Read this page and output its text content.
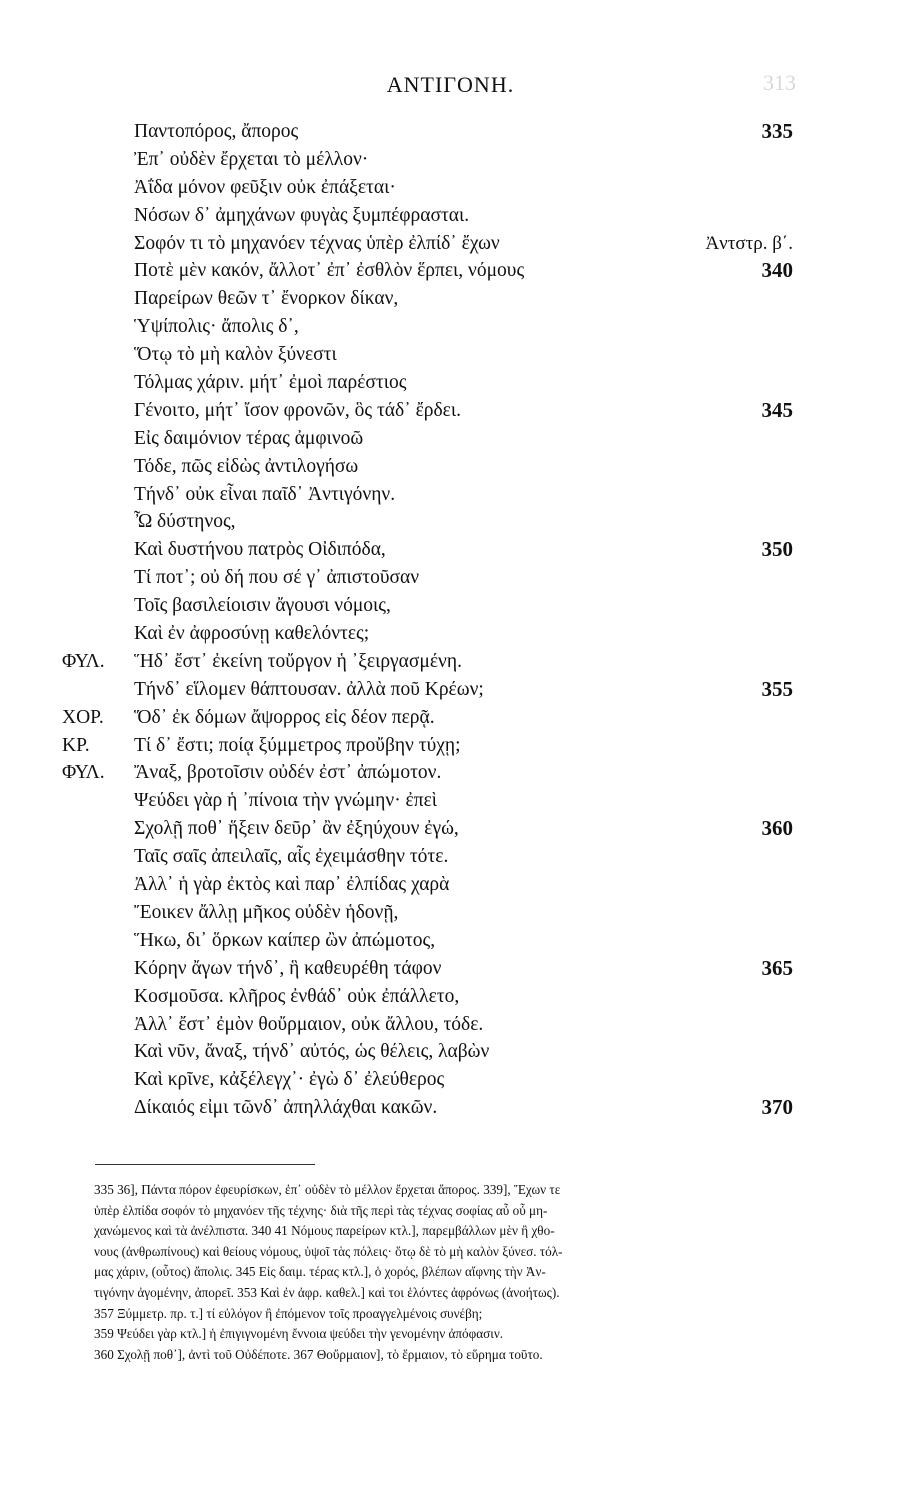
ΑΝΤΙΓΟΝΗ.	313
Παντοπόρος, ἄπορος	335
Ἐπ᾽ οὐδὲν ἔρχεται τὸ μέλλον·
Ἀΐδα μόνον φεῦξιν οὐκ ἐπάξεται·
Νόσων δ᾽ ἀμηχάνων φυγὰς ξυμπέφρασται.
Σοφόν τι τὸ μηχανόεν τέχνας ὑπὲρ ἐλπίδ᾽ ἔχων	Ἀντστρ. β΄.
Ποτὲ μὲν κακόν, ἄλλοτ᾽ ἐπ᾽ ἐσθλὸν ἕρπει, νόμους	340
Παρείρων θεῶν τ᾽ ἔνορκον δίκαν,
Ὑψίπολις· ἄπολις δ᾽,
Ὅτῳ τὸ μὴ καλὸν ξύνεστι
Τόλμας χάριν. μήτ᾽ ἐμοὶ παρέστιος
Γένοιτο, μήτ᾽ ἴσον φρονῶν, ὃς τάδ᾽ ἔρδει.	345
Εἰς δαιμόνιον τέρας ἀμφινοῶ
Τόδε, πῶς εἰδὼς ἀντιλογήσω
Τήνδ᾽ οὐκ εἶναι παῖδ᾽ Ἀντιγόνην.
Ὦ δύστηνος,
Καὶ δυστήνου πατρὸς Οἰδιπόδα,	350
Τί ποτ᾽; οὐ δή που σέ γ᾽ ἀπιστοῦσαν
Τοῖς βασιλείοισιν ἄγουσι νόμοις,
Καὶ ἐν ἀφροσύνῃ καθελόντες;
ΦΥΛ. Ἥδ᾽ ἔστ᾽ ἐκείνη τοὔργον ἡ ᾽ξειργασμένη.
Τήνδ᾽ εἵλομεν θάπτουσαν. ἀλλὰ ποῦ Κρέων;	355
ΧΟΡ. Ὅδ᾽ ἐκ δόμων ἄψορρος εἰς δέον περᾷ.
ΚΡ. Τί δ᾽ ἔστι; ποίᾳ ξύμμετρος προὔβην τύχῃ;
ΦΥΛ. Ἄναξ, βροτοῖσιν οὐδέν ἐστ᾽ ἀπώμοτον.
Ψεύδει γὰρ ἡ ᾽πίνοια τὴν γνώμην· ἐπεὶ
Σχολῇ ποθ᾽ ἥξειν δεῦρ᾽ ἂν ἐξηύχουν ἐγώ,	360
Ταῖς σαῖς ἀπειλαῖς, αἷς ἐχειμάσθην τότε.
Ἀλλ᾽ ἡ γὰρ ἐκτὸς καὶ παρ᾽ ἐλπίδας χαρὰ
Ἔοικεν ἄλλῃ μῆκος οὐδὲν ἡδονῇ,
Ἥκω, δι᾽ ὅρκων καίπερ ὢν ἀπώμοτος,
Κόρην ἄγων τήνδ᾽, ἣ καθευρέθη τάφον	365
Κοσμοῦσα. κλῆρος ἐνθάδ᾽ οὐκ ἐπάλλετο,
Ἀλλ᾽ ἔστ᾽ ἐμὸν θοὔρμαιον, οὐκ ἄλλου, τόδε.
Καὶ νῦν, ἄναξ, τήνδ᾽ αὐτός, ὡς θέλεις, λαβὼν
Καὶ κρῖνε, κἀξέλεγχ᾽· ἐγὼ δ᾽ ἐλεύθερος
Δίκαιός εἰμι τῶνδ᾽ ἀπηλλάχθαι κακῶν.	370
335 36], Πάντα πόρον ἐφευρίσκων, ἐπ᾽ οὐδὲν τὸ μέλλον ἔρχεται ἄπορος. 339], Ἔχων τε
ὑπὲρ ἐλπίδα σοφόν τὸ μηχανόεν τῆς τέχνης· διὰ τῆς περὶ τὰς τέχνας σοφίας αὖ οὖ μη-
χανώμενος καὶ τὰ ἀνέλπιστα. 340 41 Νόμους παρείρων κτλ.], παρεμβάλλων μὲν ἢ χθο-
νους (ἀνθρωπίνους) καὶ θείους νόμους, ὑψοῖ τὰς πόλεις· ὅτῳ δὲ τὸ μὴ καλὸν ξύνεσ. τόλ-
μας χάριν, (οὗτος) ἄπολις. 345 Εἰς δαιμ. τέρας κτλ.], ὁ χορός, βλέπων αἴφνης τὴν Ἀν-
τιγόνην ἀγομένην, ἀπορεῖ. 353 Καὶ ἐν ἀφρ. καθελ.] καὶ τοι ἑλόντες ἀφρόνως (ἀνοήτως).
357 Ξύμμετρ. πρ. τ.] τί εὐλόγον ἢ ἐπόμενον τοῖς προαγγελμένοις συνέβη;
359 Ψεύδει γὰρ κτλ.] ἡ ἐπιγιγνομένη ἔννοια ψεύδει τὴν γενομένην ἀπόφασιν.
360 Σχολῇ ποθ᾽], ἀντὶ τοῦ Οὐδέποτε. 367 Θοὔρμαιον], τὸ ἕρμαιον, τὸ εὕρημα τοῦτο.
